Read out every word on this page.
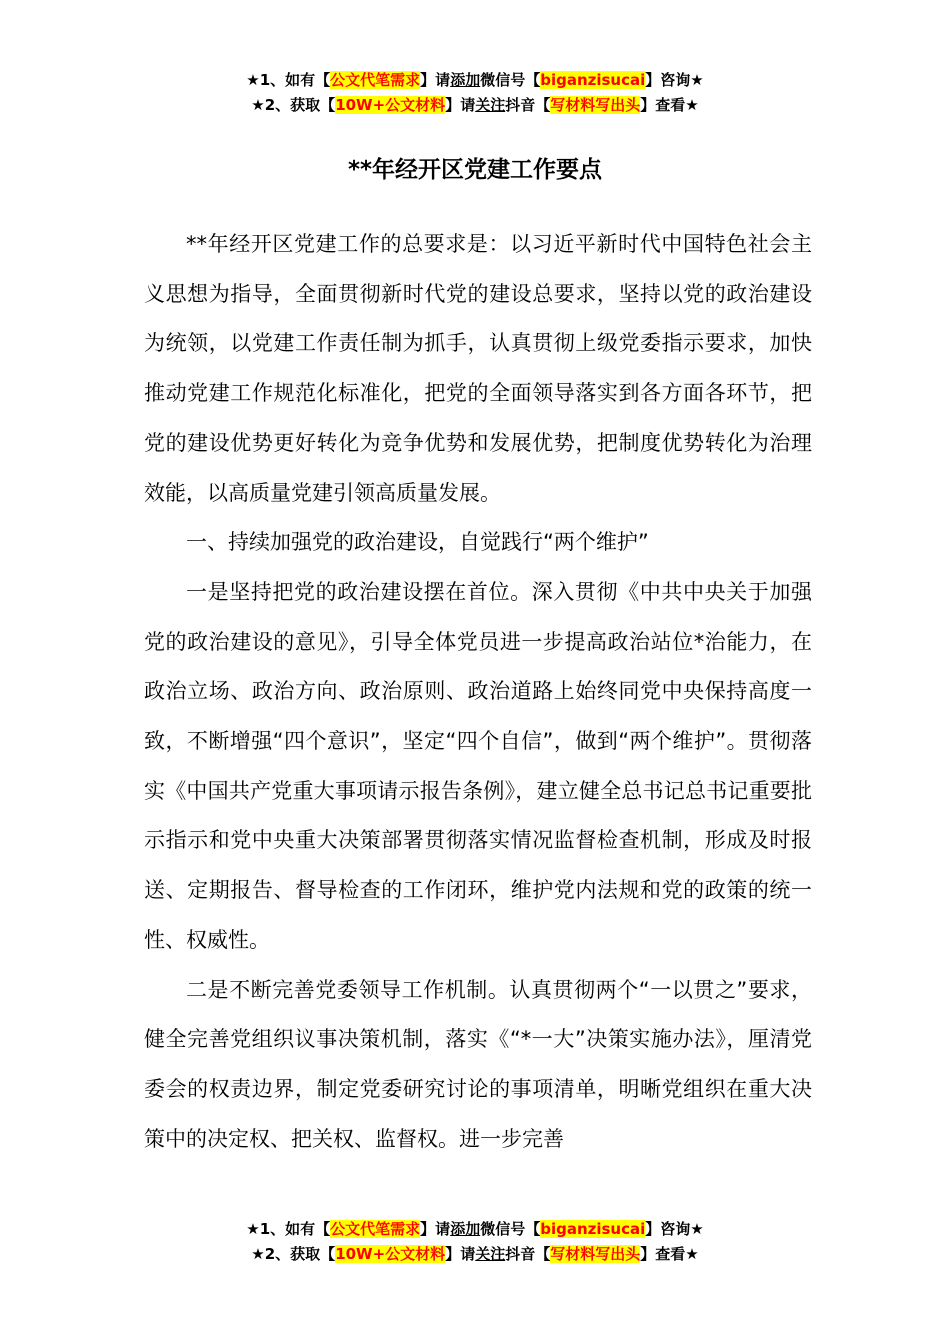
★1、如有【公文代笔需求】请添加微信号【biganzisucai】咨询★
★2、获取【10W+公文材料】请关注抖音【写材料写出头】查看★
**年经开区党建工作要点

**年经开区党建工作的总要求是：以习近平新时代中国特色社会主义思想为指导，全面贯彻新时代党的建设总要求，坚持以党的政治建设为统领，以党建工作责任制为抓手，认真贯彻上级党委指示要求，加快推动党建工作规范化标准化，把党的全面领导落实到各方面各环节，把党的建设优势更好转化为竞争优势和发展优势，把制度优势转化为治理效能，以高质量党建引领高质量发展。

一、持续加强党的政治建设，自觉践行“两个维护”

一是坚持把党的政治建设摆在首位。深入贯彻《中共中央关于加强党的政治建设的意见》，引导全体党员进一步提高政治站位*治能力，在政治立场、政治方向、政治原则、政治道路上始终同党中央保持高度一致，不断增强“四个意识”，坚定“四个自信”，做到“两个维护”。贯彻落实《中国共产党重大事项请示报告条例》，建立健全总书记总书记重要批示指示和党中央重大决策部署贯彻落实情况监督检查机制，形成及时报送、定期报告、督导检查的工作闭环，维护党内法规和党的政策的统一性、权威性。

二是不断完善党委领导工作机制。认真贯彻两个“一以贯之”要求，健全完善党组织议事决策机制，落实《“*一大”决策实施办法》，厘清党委会的权责边界，制定党委研究讨论的事项清单，明晰党组织在重大决策中的决定权、把关权、监督权。进一步完善

★1、如有【公文代笔需求】请添加微信号【biganzisucai】咨询★
★2、获取【10W+公文材料】请关注抖音【写材料写出头】查看★
